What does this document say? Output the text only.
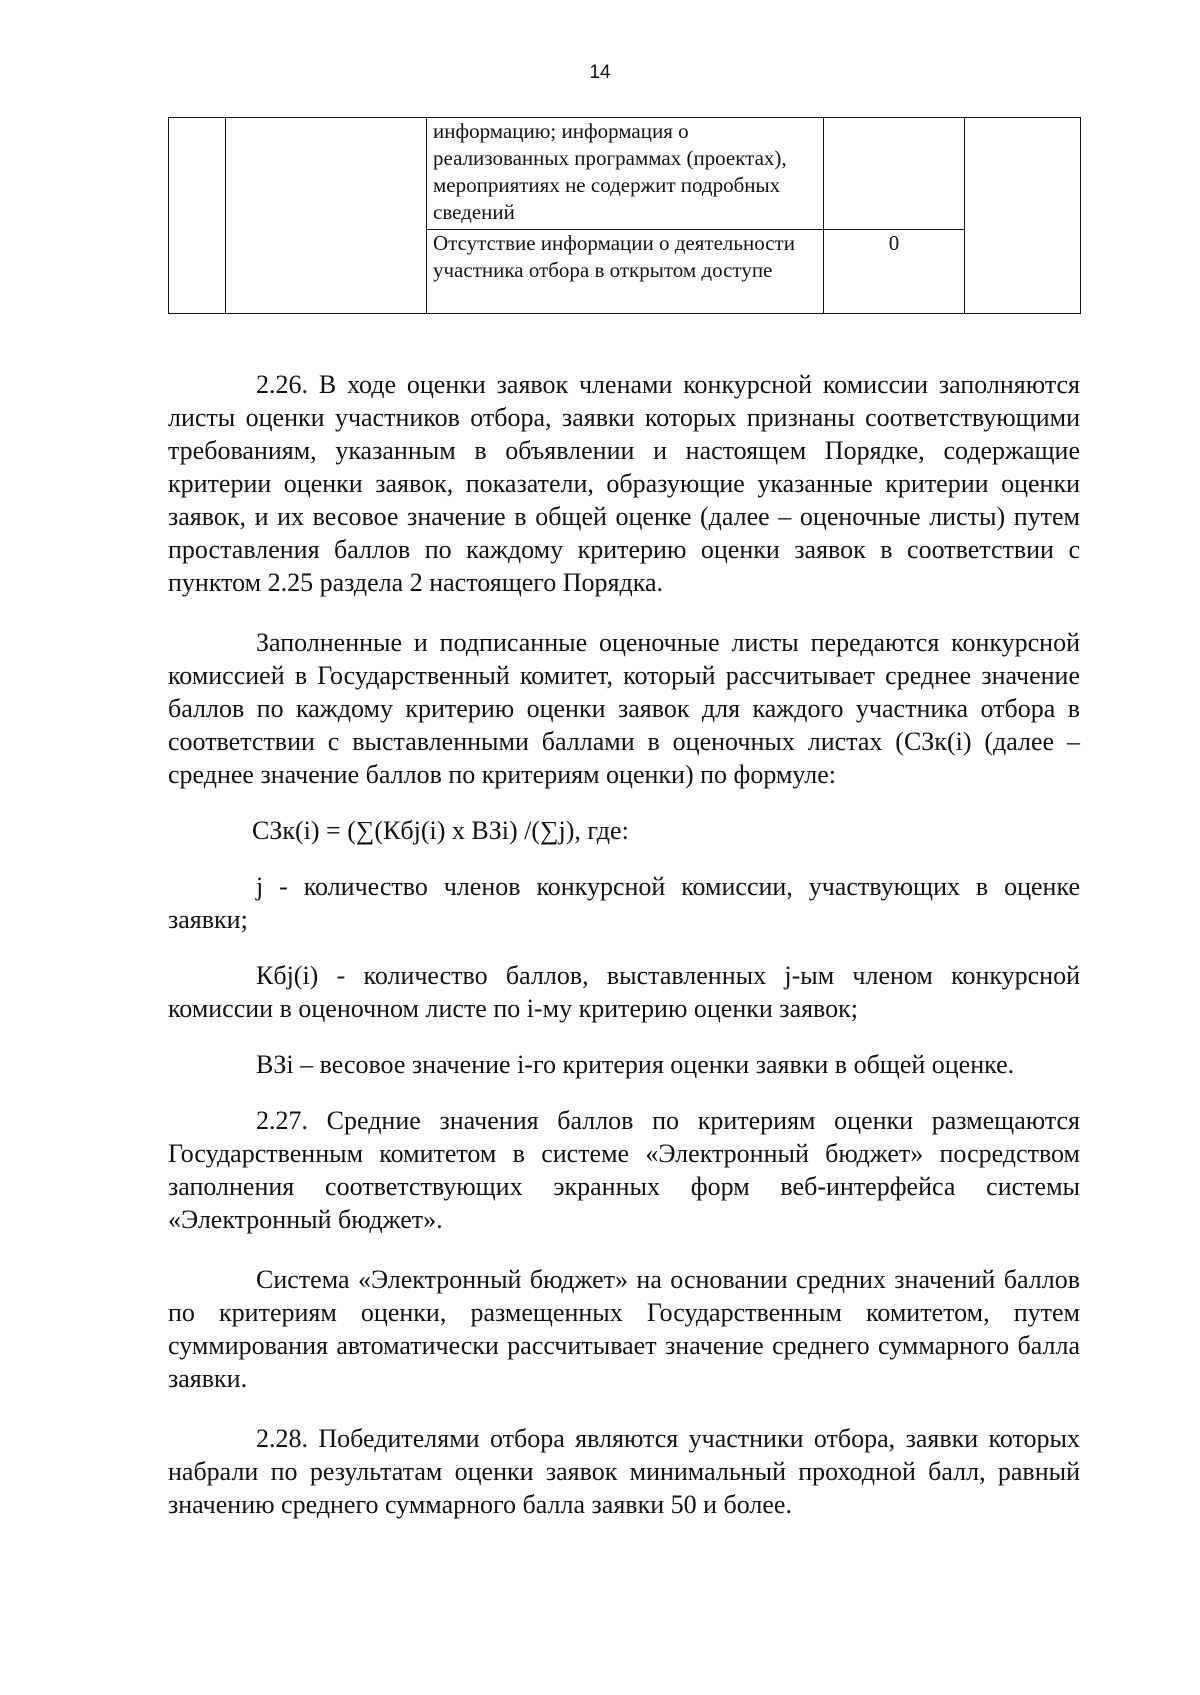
14
		информацию; информация о реализованных программах (проектах), мероприятиях не содержит подробных сведений		
		Отсутствие информации о деятельности участника отбора в открытом доступе	0	

2.26. В ходе оценки заявок членами конкурсной комиссии заполняются листы оценки участников отбора, заявки которых признаны соответствующими требованиям, указанным в объявлении и настоящем Порядке, содержащие критерии оценки заявок, показатели, образующие указанные критерии оценки заявок, и их весовое значение в общей оценке (далее – оценочные листы) путем проставления баллов по каждому критерию оценки заявок в соответствии с пунктом 2.25 раздела 2 настоящего Порядка.

Заполненные и подписанные оценочные листы передаются конкурсной комиссией в Государственный комитет, который рассчитывает среднее значение баллов по каждому критерию оценки заявок для каждого участника отбора в соответствии с выставленными баллами в оценочных листах (СЗк(i) (далее – среднее значение баллов по критериям оценки) по формуле:

СЗк(i) = (∑(Кбj(i) х ВЗi) /(∑j), где:

j - количество членов конкурсной комиссии, участвующих в оценке заявки;

Кбj(i) - количество баллов, выставленных j-ым членом конкурсной комиссии в оценочном листе по i-му критерию оценки заявок;

ВЗi – весовое значение i-го критерия оценки заявки в общей оценке.

2.27. Средние значения баллов по критериям оценки размещаются Государственным комитетом в системе «Электронный бюджет» посредством заполнения соответствующих экранных форм веб-интерфейса системы «Электронный бюджет».

Система «Электронный бюджет» на основании средних значений баллов по критериям оценки, размещенных Государственным комитетом, путем суммирования автоматически рассчитывает значение среднего суммарного балла заявки.

2.28. Победителями отбора являются участники отбора, заявки которых набрали по результатам оценки заявок минимальный проходной балл, равный значению среднего суммарного балла заявки 50 и более.
